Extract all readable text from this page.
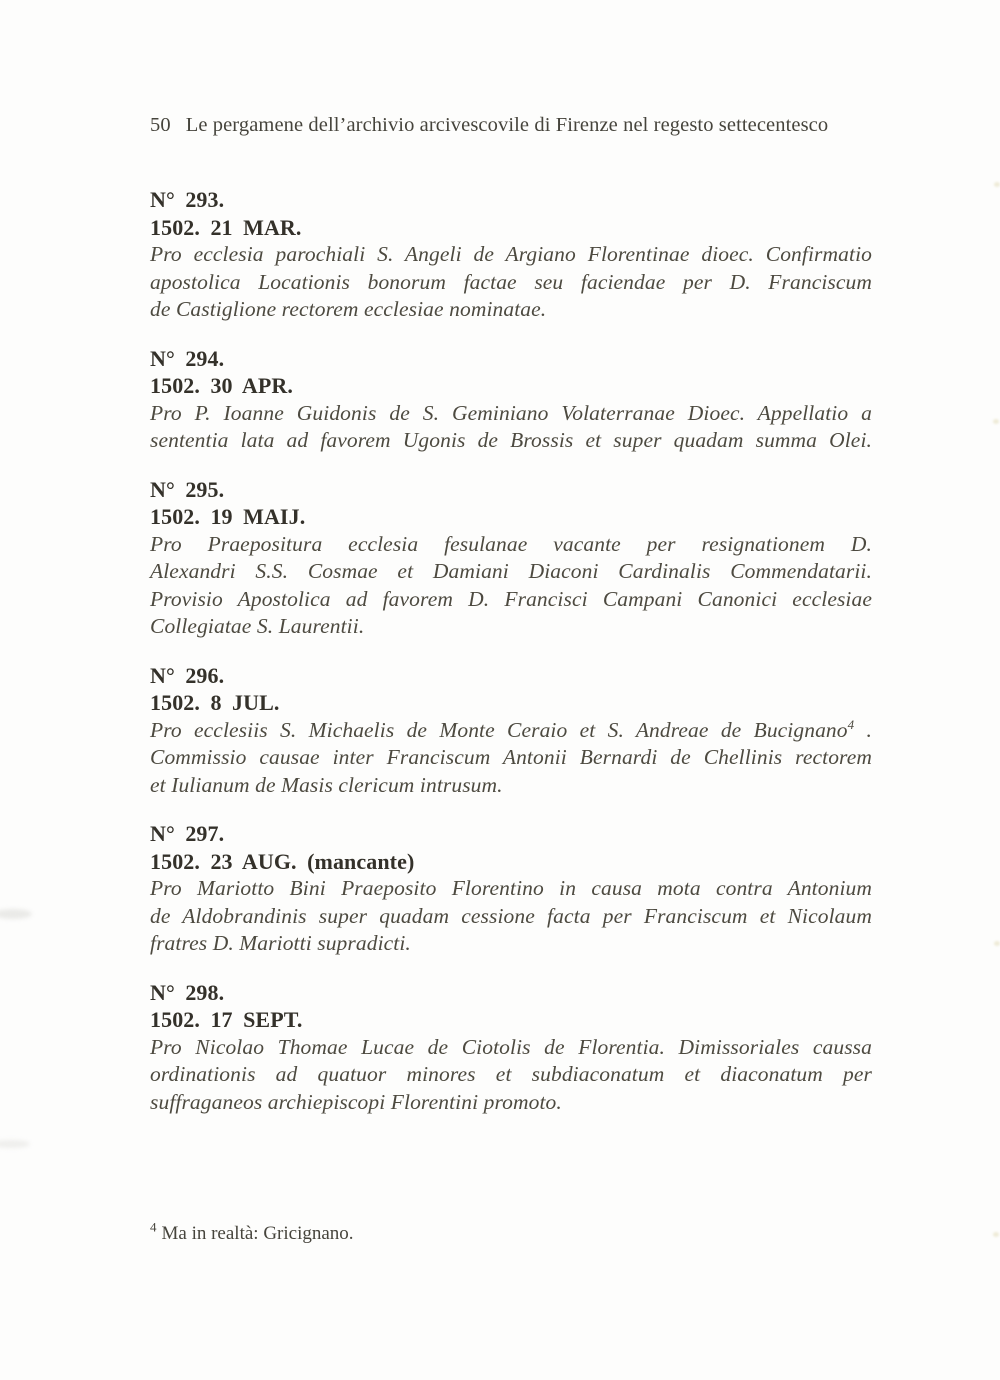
50 Le pergamene dell’archivio arcivescovile di Firenze nel regesto settecentesco
N° 293.
1502. 21 MAR.
Pro ecclesia parochiali S. Angeli de Argiano Florentinae dioec. Confirmatio
apostolica Locationis bonorum factae seu faciendae per D. Franciscum
de Castiglione rectorem ecclesiae nominatae.
N° 294.
1502. 30 APR.
Pro P. Ioanne Guidonis de S. Geminiano Volaterranae Dioec. Appellatio a
sententia lata ad favorem Ugonis de Brossis et super quadam summa Olei.
N° 295.
1502. 19 MAIJ.
Pro Praepositura ecclesia fesulanae vacante per resignationem D.
Alexandri S.S. Cosmae et Damiani Diaconi Cardinalis Commendatarii.
Provisio Apostolica ad favorem D. Francisci Campani Canonici ecclesiae
Collegiatae S. Laurentii.
N° 296.
1502. 8 JUL.
Pro ecclesiis S. Michaelis de Monte Ceraio et S. Andreae de Bucignano$^4$ .
Commissio causae inter Franciscum Antonii Bernardi de Chellinis rectorem
et Iulianum de Masis clericum intrusum.
N° 297.
1502. 23 AUG. (mancante)
Pro Mariotto Bini Praeposito Florentino in causa mota contra Antonium
de Aldobrandinis super quadam cessione facta per Franciscum et Nicolaum
fratres D. Mariotti supradicti.
N° 298.
1502. 17 SEPT.
Pro Nicolao Thomae Lucae de Ciotolis de Florentia. Dimissoriales caussa
ordinationis ad quatuor minores et subdiaconatum et diaconatum per
suffraganeos archiepiscopi Florentini promoto.
$^4$ Ma in realtà: Gricignano.
